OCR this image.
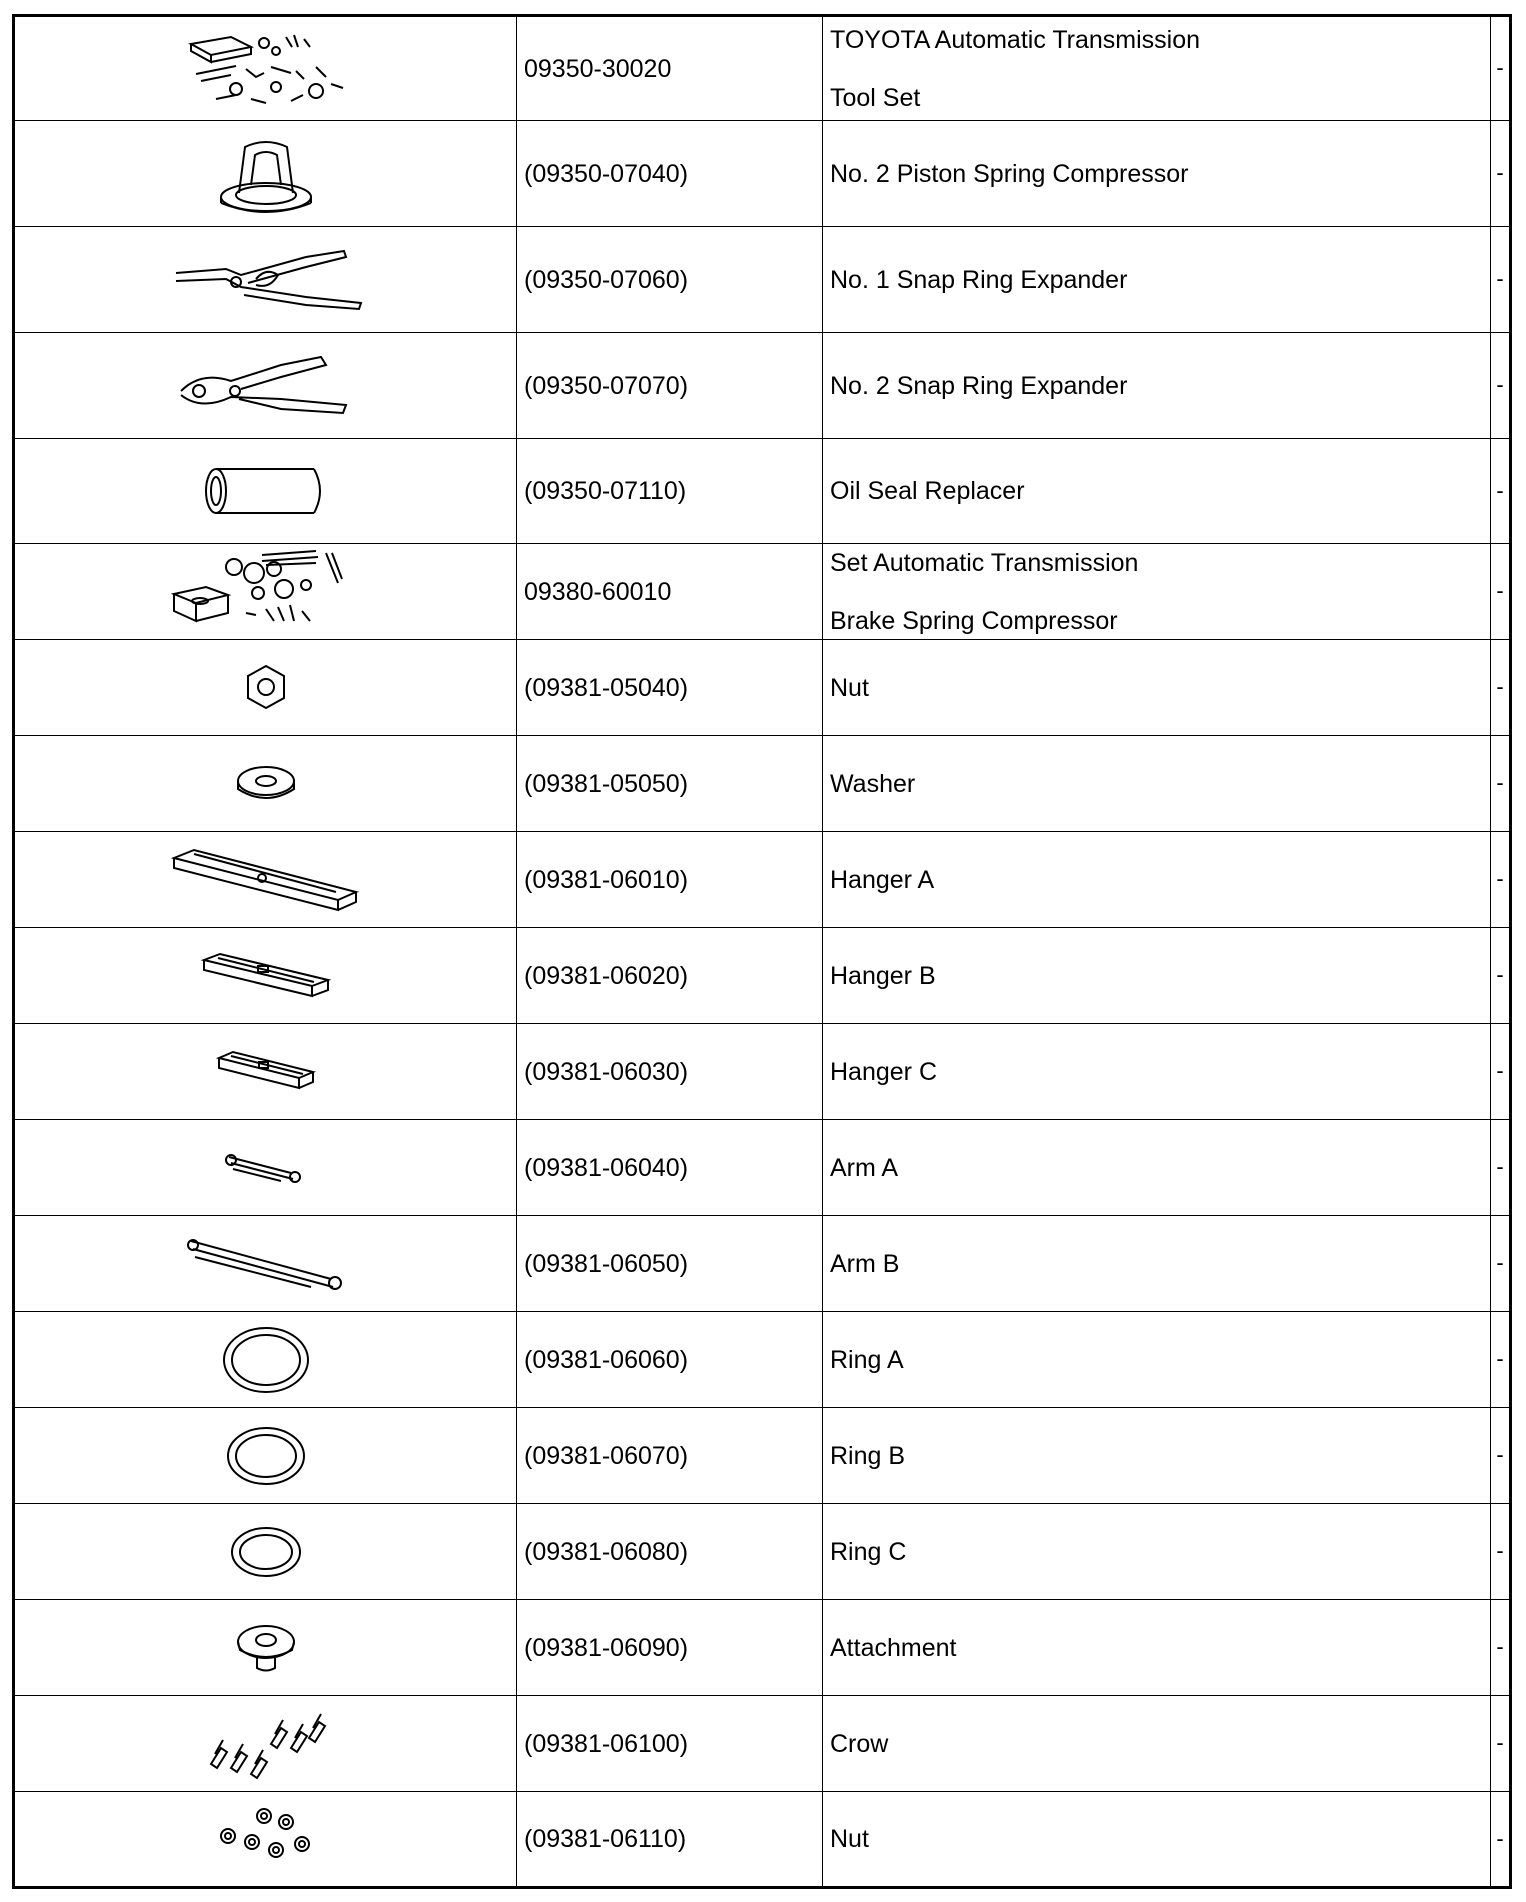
	09350-30020	TOYOTA Automatic Transmission
Tool Set	-

	(09350-07040)	No. 2 Piston Spring Compressor	-

	(09350-07060)	No. 1 Snap Ring Expander	-

	(09350-07070)	No. 2 Snap Ring Expander	-

	(09350-07110)	Oil Seal Replacer	-

	09380-60010	Set Automatic Transmission
Brake Spring Compressor	-

	(09381-05040)	Nut	-

	(09381-05050)	Washer	-

	(09381-06010)	Hanger A	-

	(09381-06020)	Hanger B	-

	(09381-06030)	Hanger C	-

	(09381-06040)	Arm A	-

	(09381-06050)	Arm B	-

	(09381-06060)	Ring A	-

	(09381-06070)	Ring B	-

	(09381-06080)	Ring C	-

	(09381-06090)	Attachment	-

	(09381-06100)	Crow	-

	(09381-06110)	Nut	-
